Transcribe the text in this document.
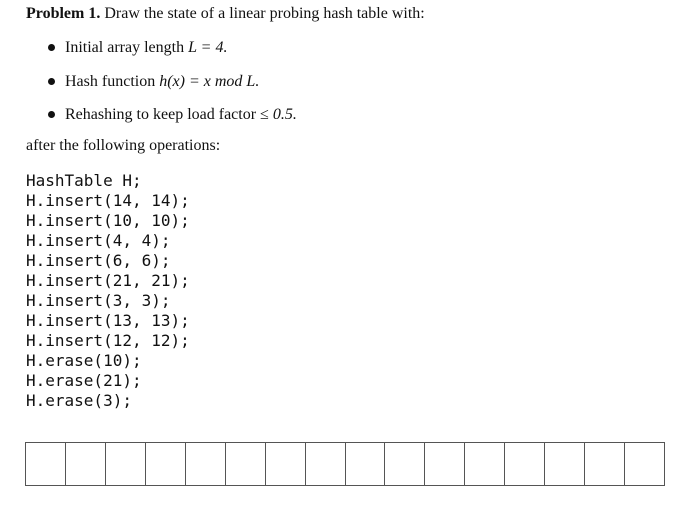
Problem 1. Draw the state of a linear probing hash table with:
Initial array length L = 4.
Hash function h(x) = x mod L.
Rehashing to keep load factor ≤ 0.5.
after the following operations:
HashTable H;
H.insert(14, 14);
H.insert(10, 10);
H.insert(4, 4);
H.insert(6, 6);
H.insert(21, 21);
H.insert(3, 3);
H.insert(13, 13);
H.insert(12, 12);
H.erase(10);
H.erase(21);
H.erase(3);
